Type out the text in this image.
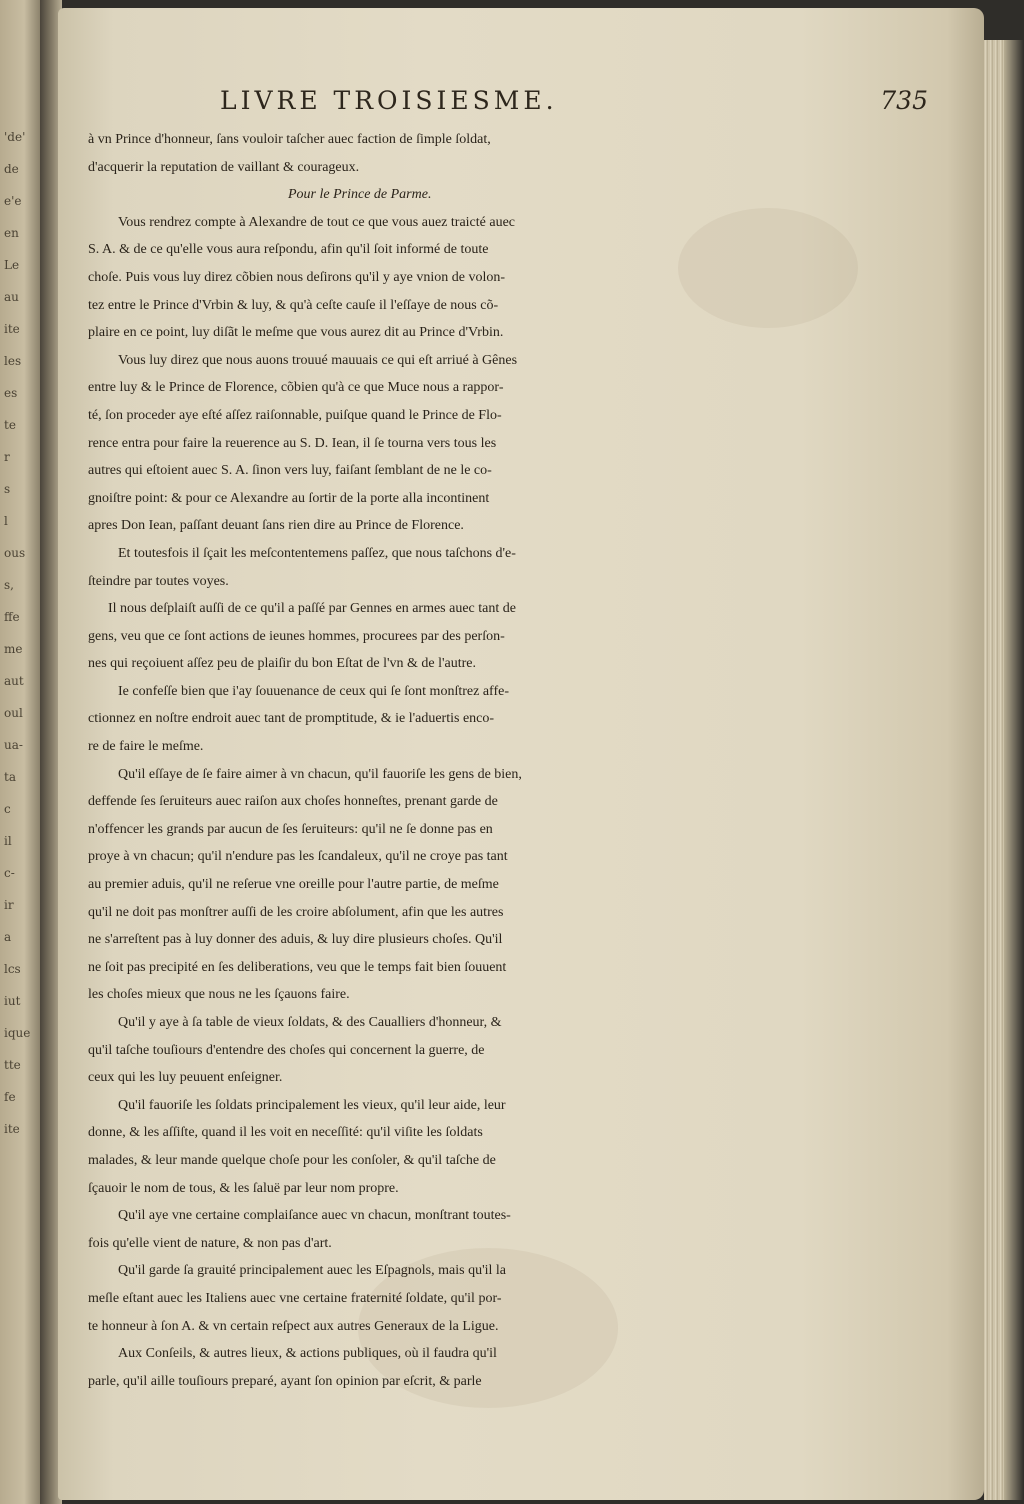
'de'
de
e'e
en
Le
au
ite
les
es
te
r
s
l
ous
s,
ffe
me
aut
oul
ua-
ta
c
il
c-
ir
a
lcs
iut
ique
tte
fe
ite
LIVRE TROISIESME.	735
à vn Prince d'honneur, ſans vouloir taſcher auec faction de ſimple ſoldat,
d'acquerir la reputation de vaillant & courageux.
Pour le Prince de Parme.
Vous rendrez compte à Alexandre de tout ce que vous auez traicté auec
S. A. & de ce qu'elle vous aura reſpondu, afin qu'il ſoit informé de toute
choſe. Puis vous luy direz cõbien nous deſirons qu'il y aye vnion de volon-
tez entre le Prince d'Vrbin & luy, & qu'à ceſte cauſe il l'eſſaye de nous cõ-
plaire en ce point, luy diſãt le meſme que vous aurez dit au Prince d'Vrbin.
Vous luy direz que nous auons trouué mauuais ce qui eſt arriué à Gênes
entre luy & le Prince de Florence, cõbien qu'à ce que Muce nous a rappor-
té, ſon proceder aye eſté aſſez raiſonnable, puiſque quand le Prince de Flo-
rence entra pour faire la reuerence au S. D. Iean, il ſe tourna vers tous les
autres qui eſtoient auec S. A. ſinon vers luy, faiſant ſemblant de ne le co-
gnoiſtre point: & pour ce Alexandre au ſortir de la porte alla incontinent
apres Don Iean, paſſant deuant ſans rien dire au Prince de Florence.
Et toutesfois il ſçait les meſcontentemens paſſez, que nous taſchons d'e-
ſteindre par toutes voyes.
Il nous deſplaiſt auſſi de ce qu'il a paſſé par Gennes en armes auec tant de
gens, veu que ce ſont actions de ieunes hommes, procurees par des perſon-
nes qui reçoiuent aſſez peu de plaiſir du bon Eſtat de l'vn & de l'autre.
Ie confeſſe bien que i'ay ſouuenance de ceux qui ſe ſont monſtrez affe-
ctionnez en noſtre endroit auec tant de promptitude, & ie l'aduertis enco-
re de faire le meſme.
Qu'il eſſaye de ſe faire aimer à vn chacun, qu'il fauoriſe les gens de bien,
deffende ſes ſeruiteurs auec raiſon aux choſes honneſtes, prenant garde de
n'offencer les grands par aucun de ſes ſeruiteurs: qu'il ne ſe donne pas en
proye à vn chacun; qu'il n'endure pas les ſcandaleux, qu'il ne croye pas tant
au premier aduis, qu'il ne reſerue vne oreille pour l'autre partie, de meſme
qu'il ne doit pas monſtrer auſſi de les croire abſolument, afin que les autres
ne s'arreſtent pas à luy donner des aduis, & luy dire plusieurs choſes. Qu'il
ne ſoit pas precipité en ſes deliberations, veu que le temps fait bien ſouuent
les choſes mieux que nous ne les ſçauons faire.
Qu'il y aye à ſa table de vieux ſoldats, & des Caualliers d'honneur, &
qu'il taſche touſiours d'entendre des choſes qui concernent la guerre, de
ceux qui les luy peuuent enſeigner.
Qu'il fauoriſe les ſoldats principalement les vieux, qu'il leur aide, leur
donne, & les aſſiſte, quand il les voit en neceſſité: qu'il viſite les ſoldats
malades, & leur mande quelque choſe pour les conſoler, & qu'il taſche de
ſçauoir le nom de tous, & les ſaluë par leur nom propre.
Qu'il aye vne certaine complaiſance auec vn chacun, monſtrant toutes-
fois qu'elle vient de nature, & non pas d'art.
Qu'il garde ſa grauité principalement auec les Eſpagnols, mais qu'il la
meſle eſtant auec les Italiens auec vne certaine fraternité ſoldate, qu'il por-
te honneur à ſon A. & vn certain reſpect aux autres Generaux de la Ligue.
Aux Conſeils, & autres lieux, & actions publiques, où il faudra qu'il
parle, qu'il aille touſiours preparé, ayant ſon opinion par eſcrit, & parle
